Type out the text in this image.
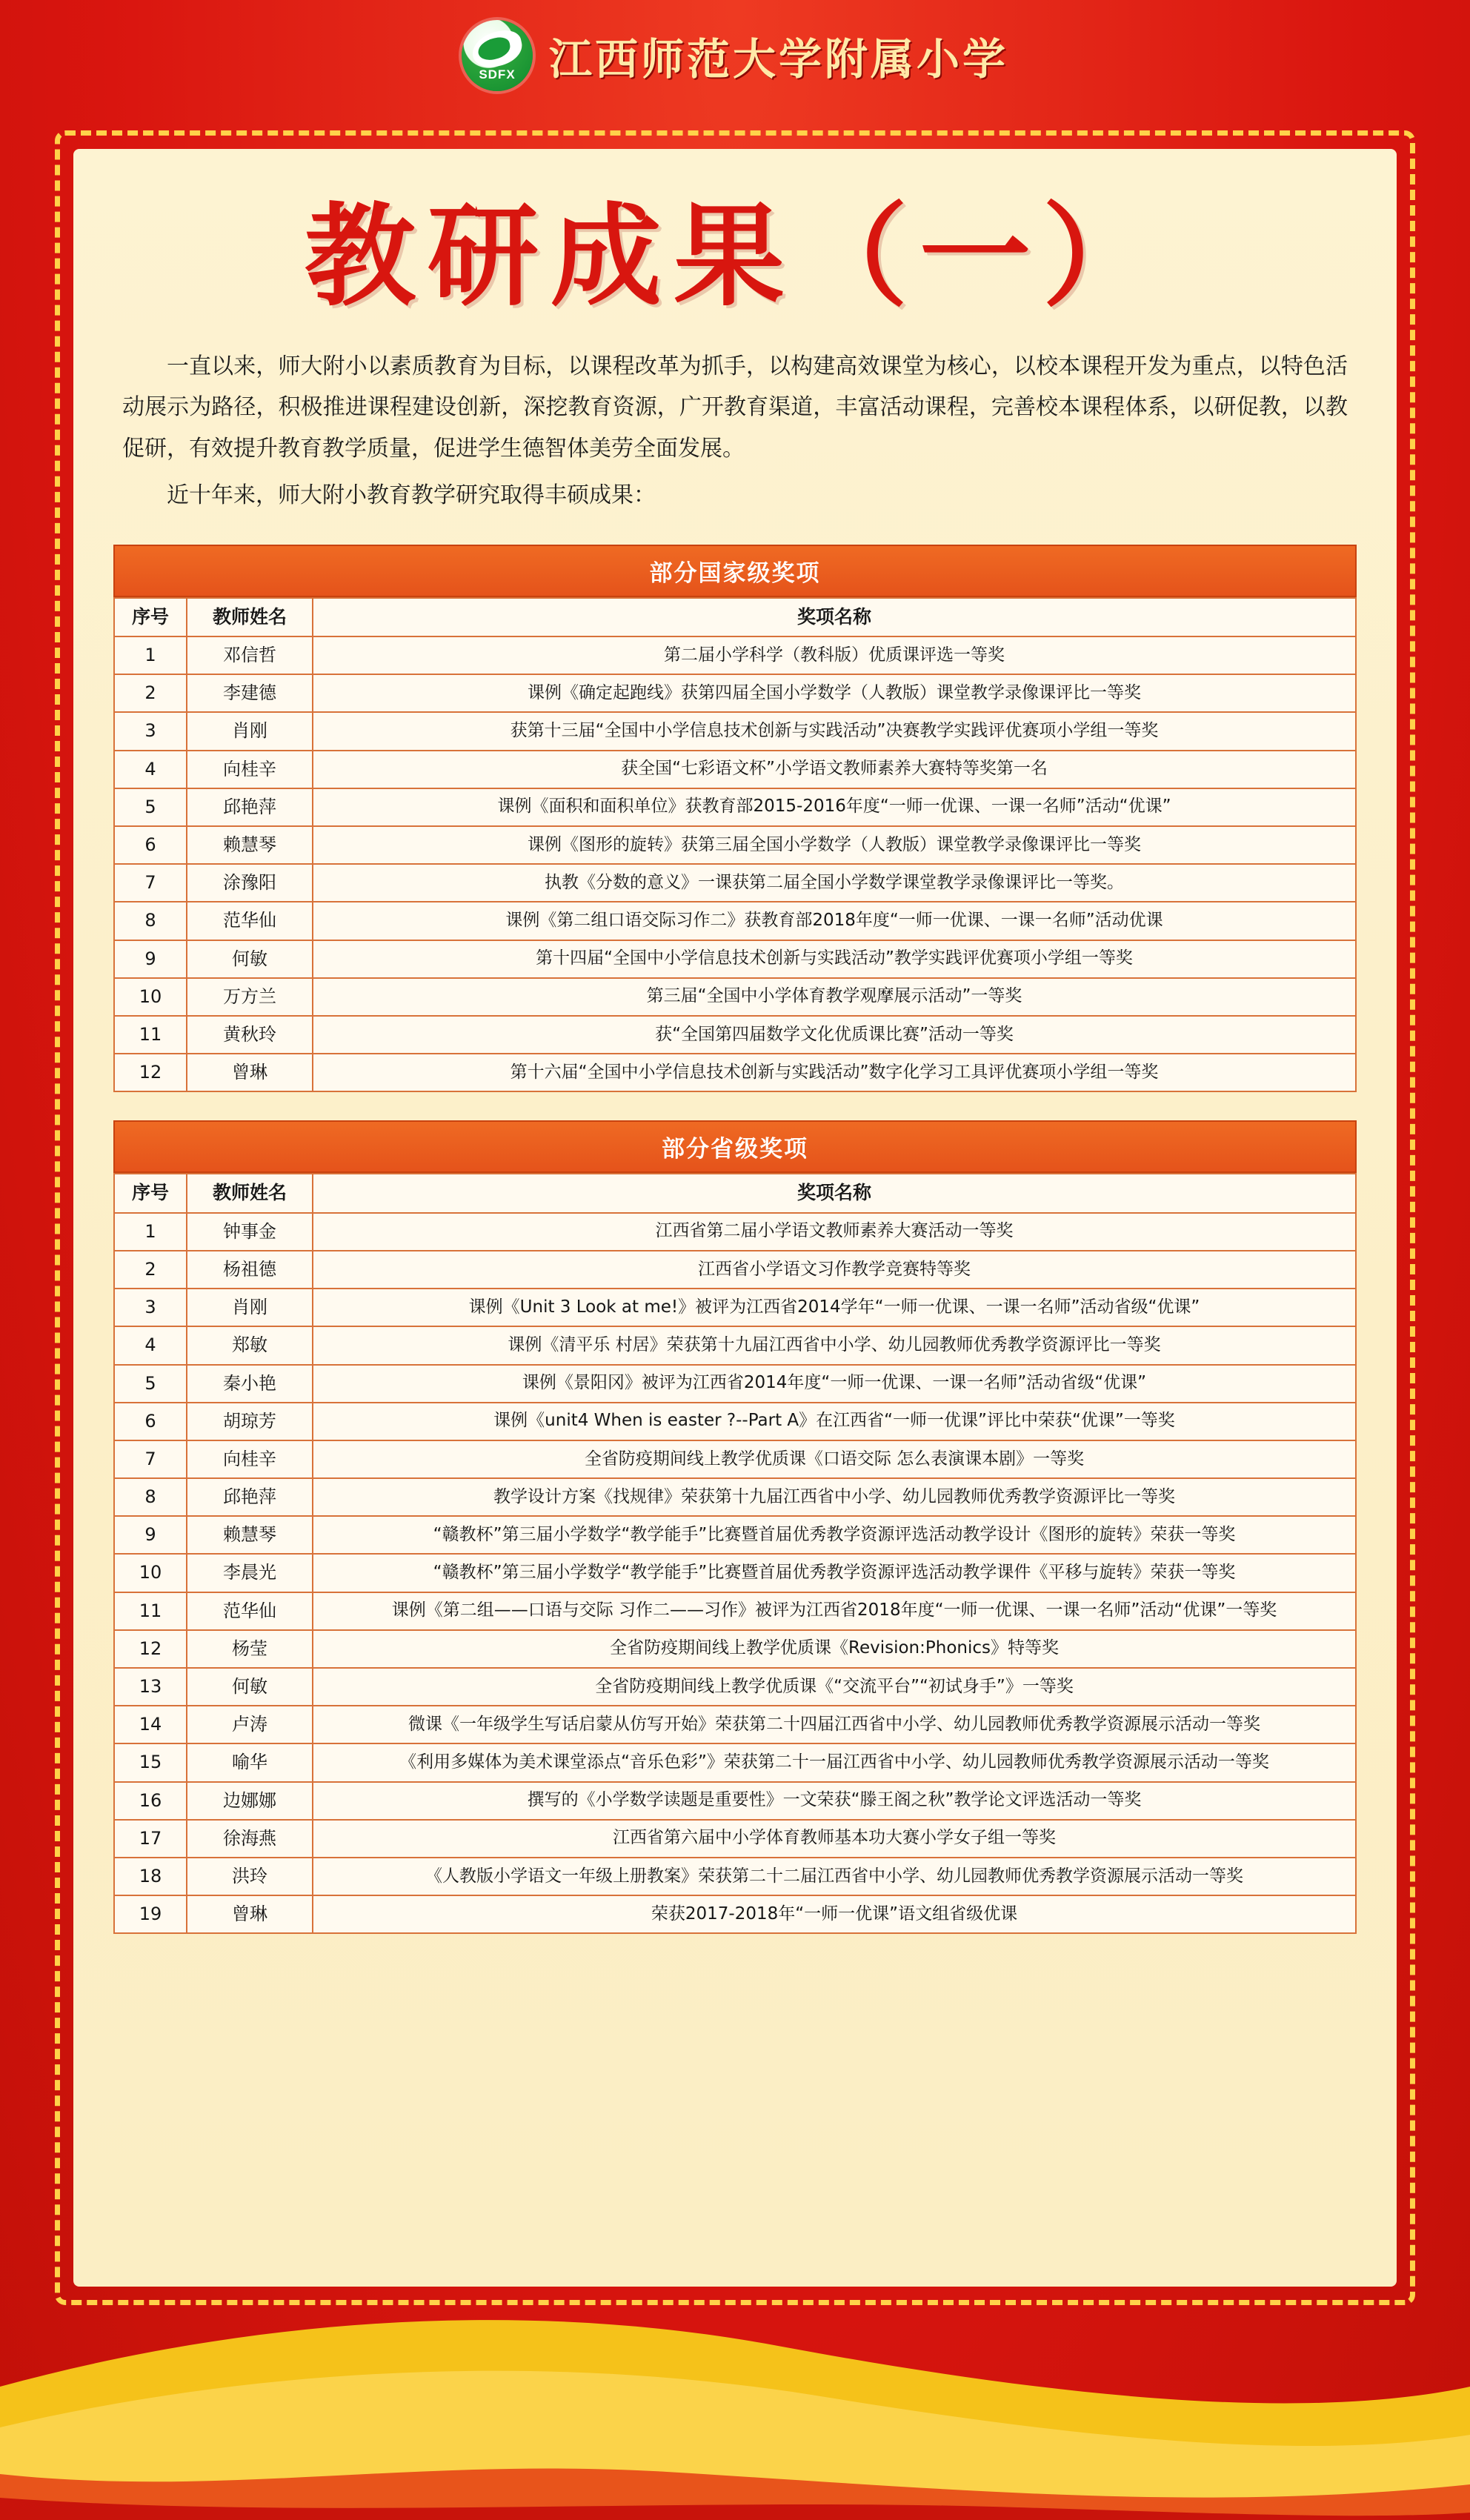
SDFX 江西师范大学附属小学
教研成果（一）

一直以来，师大附小以素质教育为目标，以课程改革为抓手，以构建高效课堂为核心，以校本课程开发为重点，以特色活动展示为路径，积极推进课程建设创新，深挖教育资源，广开教育渠道，丰富活动课程，完善校本课程体系，以研促教，以教促研，有效提升教育教学质量，促进学生德智体美劳全面发展。

近十年来，师大附小教育教学研究取得丰硕成果：

部分国家级奖项
序号	教师姓名	奖项名称
1	邓信哲	第二届小学科学（教科版）优质课评选一等奖
2	李建德	课例《确定起跑线》获第四届全国小学数学（人教版）课堂教学录像课评比一等奖
3	肖刚	获第十三届“全国中小学信息技术创新与实践活动”决赛教学实践评优赛项小学组一等奖
4	向桂辛	获全国“七彩语文杯”小学语文教师素养大赛特等奖第一名
5	邱艳萍	课例《面积和面积单位》获教育部2015-2016年度“一师一优课、一课一名师”活动“优课”
6	赖慧琴	课例《图形的旋转》获第三届全国小学数学（人教版）课堂教学录像课评比一等奖
7	涂豫阳	执教《分数的意义》一课获第二届全国小学数学课堂教学录像课评比一等奖。
8	范华仙	课例《第二组口语交际习作二》获教育部2018年度“一师一优课、一课一名师”活动优课
9	何敏	第十四届“全国中小学信息技术创新与实践活动”教学实践评优赛项小学组一等奖
10	万方兰	第三届“全国中小学体育教学观摩展示活动”一等奖
11	黄秋玲	获“全国第四届数学文化优质课比赛”活动一等奖
12	曾琳	第十六届“全国中小学信息技术创新与实践活动”数字化学习工具评优赛项小学组一等奖
部分省级奖项
序号	教师姓名	奖项名称
1	钟事金	江西省第二届小学语文教师素养大赛活动一等奖
2	杨祖德	江西省小学语文习作教学竞赛特等奖
3	肖刚	课例《Unit 3 Look at me!》被评为江西省2014学年“一师一优课、一课一名师”活动省级“优课”
4	郑敏	课例《清平乐 村居》荣获第十九届江西省中小学、幼儿园教师优秀教学资源评比一等奖
5	秦小艳	课例《景阳冈》被评为江西省2014年度“一师一优课、一课一名师”活动省级“优课”
6	胡琼芳	课例《unit4 When is easter ?--Part A》在江西省“一师一优课”评比中荣获“优课”一等奖
7	向桂辛	全省防疫期间线上教学优质课《口语交际 怎么表演课本剧》一等奖
8	邱艳萍	教学设计方案《找规律》荣获第十九届江西省中小学、幼儿园教师优秀教学资源评比一等奖
9	赖慧琴	“赣教杯”第三届小学数学“教学能手”比赛暨首届优秀教学资源评选活动教学设计《图形的旋转》荣获一等奖
10	李晨光	“赣教杯”第三届小学数学“教学能手”比赛暨首届优秀教学资源评选活动教学课件《平移与旋转》荣获一等奖
11	范华仙	课例《第二组——口语与交际 习作二——习作》被评为江西省2018年度“一师一优课、一课一名师”活动“优课”一等奖
12	杨莹	全省防疫期间线上教学优质课《Revision:Phonics》特等奖
13	何敏	全省防疫期间线上教学优质课《“交流平台”“初试身手”》一等奖
14	卢涛	微课《一年级学生写话启蒙从仿写开始》荣获第二十四届江西省中小学、幼儿园教师优秀教学资源展示活动一等奖
15	喻华	《利用多媒体为美术课堂添点“音乐色彩”》荣获第二十一届江西省中小学、幼儿园教师优秀教学资源展示活动一等奖
16	边娜娜	撰写的《小学数学读题是重要性》一文荣获“滕王阁之秋”教学论文评选活动一等奖
17	徐海燕	江西省第六届中小学体育教师基本功大赛小学女子组一等奖
18	洪玲	《人教版小学语文一年级上册教案》荣获第二十二届江西省中小学、幼儿园教师优秀教学资源展示活动一等奖
19	曾琳	荣获2017-2018年“一师一优课”语文组省级优课
